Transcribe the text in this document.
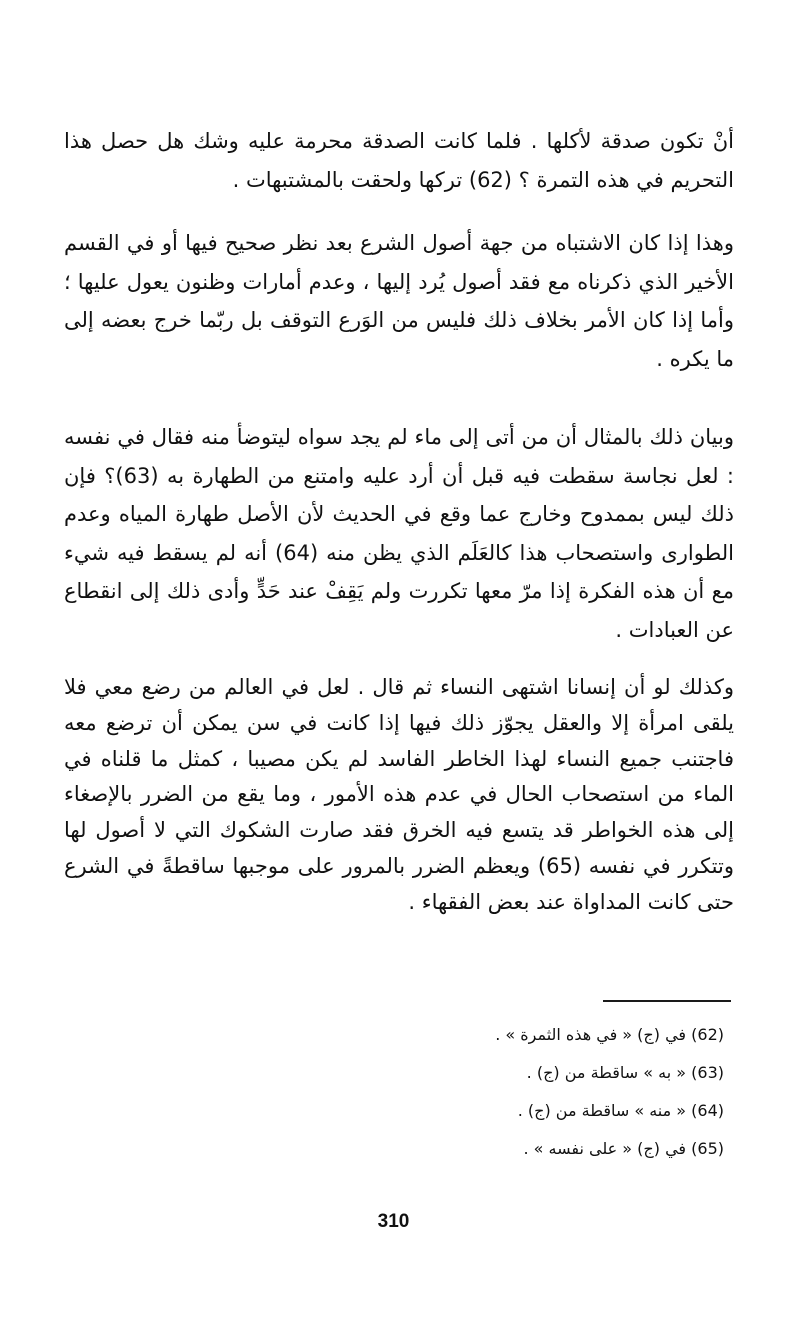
أنْ تكون صدقة لأكلها . فلما كانت الصدقة محرمة عليه وشك هل حصل هذا التحريم في هذه التمرة ؟ (62) تركها ولحقت بالمشتبهات .

وهذا إذا كان الاشتباه من جهة أصول الشرع بعد نظر صحيح فيها أو في القسم الأخير الذي ذكرناه مع فقد أصول يُرد إليها ، وعدم أمارات وظنون يعول عليها ؛ وأما إذا كان الأمر بخلاف ذلك فليس من الوَرع التوقف بل ربّما خرج بعضه إلى ما يكره .

وبيان ذلك بالمثال أن من أتى إلى ماء لم يجد سواه ليتوضأ منه فقال في نفسه : لعل نجاسة سقطت فيه قبل أن أرد عليه وامتنع من الطهارة به (63)؟ فإن ذلك ليس بممدوح وخارج عما وقع في الحديث لأن الأصل طهارة المياه وعدم الطوارى واستصحاب هذا كالعَلَم الذي يظن منه (64) أنه لم يسقط فيه شيء مع أن هذه الفكرة إذا مرّ معها تكررت ولم يَقِفْ عند حَدٍّ وأدى ذلك إلى انقطاع عن العبادات .

وكذلك لو أن إنسانا اشتهى النساء ثم قال . لعل في العالم من رضع معي فلا يلقى امرأة إلا والعقل يجوّز ذلك فيها إذا كانت في سن يمكن أن ترضع معه فاجتنب جميع النساء لهذا الخاطر الفاسد لم يكن مصيبا ، كمثل ما قلناه في الماء من استصحاب الحال في عدم هذه الأمور ، وما يقع من الضرر بالإصغاء إلى هذه الخواطر قد يتسع فيه الخرق فقد صارت الشكوك التي لا أصول لها وتتكرر في نفسه (65) ويعظم الضرر بالمرور على موجبها ساقطةً في الشرع حتى كانت المداواة عند بعض الفقهاء .

(62) في (ج) « في هذه الثمرة » .
(63) « به » ساقطة من (ج) .
(64) « منه » ساقطة من (ج) .
(65) في (ج) « على نفسه » .
310
